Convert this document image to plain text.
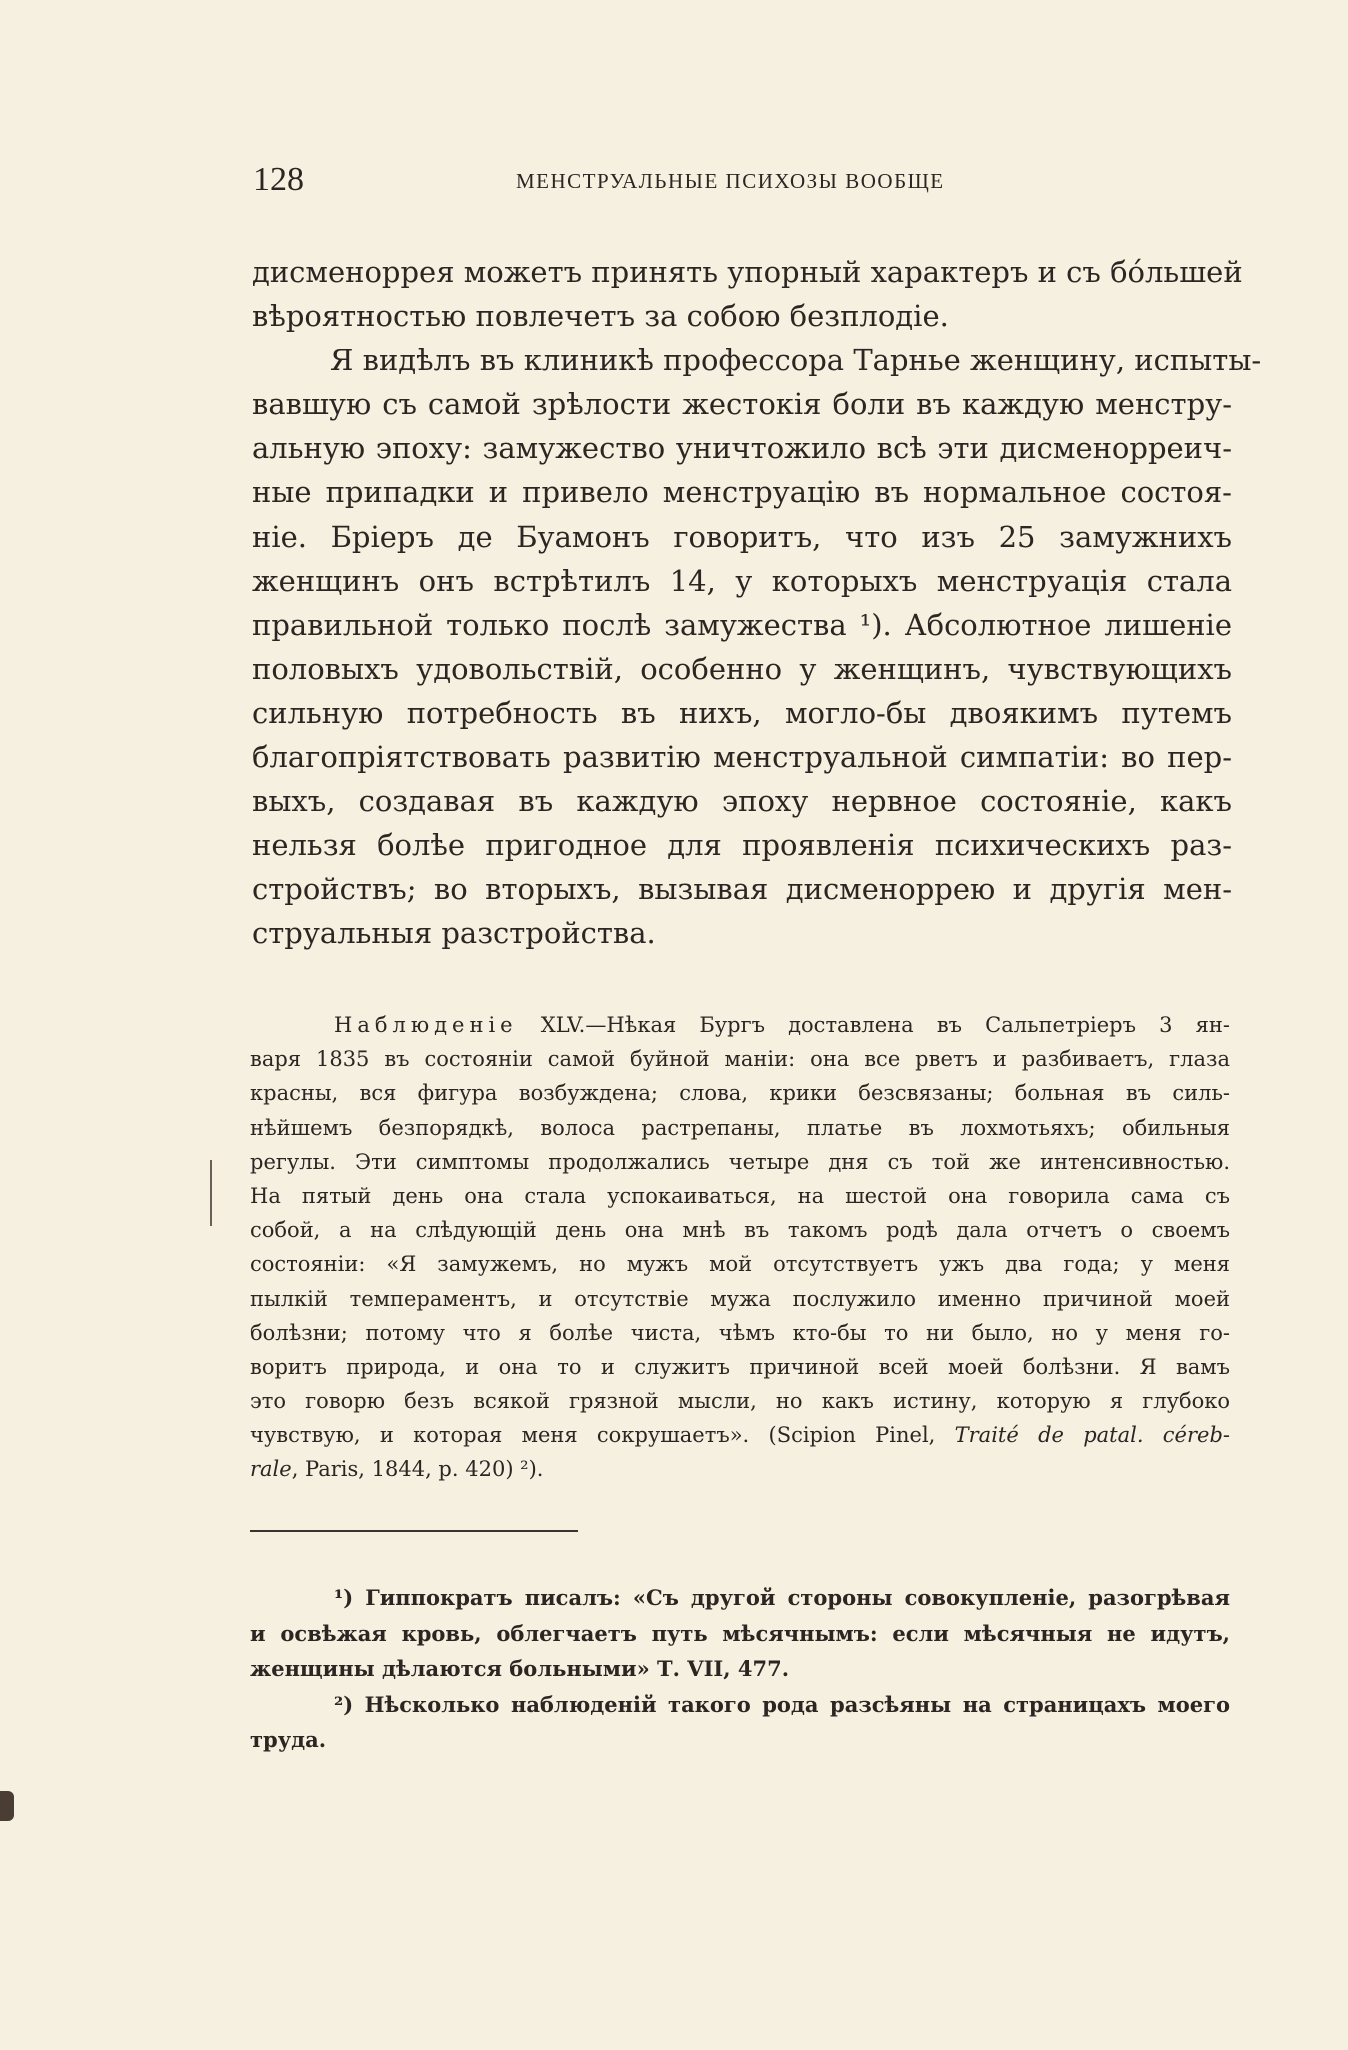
128	МЕНСТРУАЛЬНЫЕ ПСИХОЗЫ ВООБЩЕ
дисменоррея можетъ принять упорный характеръ и съ бóльшей
вѣроятностью повлечетъ за собою безплодіе.
Я видѣлъ въ клиникѣ профессора Тарнье женщину, испыты-
вавшую съ самой зрѣлости жестокія боли въ каждую менстру-
альную эпоху: замужество уничтожило всѣ эти дисменорреич-
ные припадки и привело менструацію въ нормальное состоя-
ніе. Бріеръ де Буамонъ говоритъ, что изъ 25 замужнихъ
женщинъ онъ встрѣтилъ 14, у которыхъ менструація стала
правильной только послѣ замужества ¹). Абсолютное лишеніе
половыхъ удовольствій, особенно у женщинъ, чувствующихъ
сильную потребность въ нихъ, могло-бы двоякимъ путемъ
благопріятствовать развитію менструальной симпатіи: во пер-
выхъ, создавая въ каждую эпоху нервное состояніе, какъ
нельзя болѣе пригодное для проявленія психическихъ раз-
стройствъ; во вторыхъ, вызывая дисменоррею и другія мен-
струальныя разстройства.
Наблюденіе XLV.—Нѣкая Бургъ доставлена въ Сальпетріеръ 3 ян-
варя 1835 въ состояніи самой буйной маніи: она все рветъ и разбиваетъ, глаза
красны, вся фигура возбуждена; слова, крики безсвязаны; больная въ силь-
нѣйшемъ безпорядкѣ, волоса растрепаны, платье въ лохмотьяхъ; обильныя
регулы. Эти симптомы продолжались четыре дня съ той же интенсивностью.
На пятый день она стала успокаиваться, на шестой она говорила сама съ
собой, а на слѣдующій день она мнѣ въ такомъ родѣ дала отчетъ о своемъ
состояніи: «Я замужемъ, но мужъ мой отсутствуетъ ужъ два года; у меня
пылкій темпераментъ, и отсутствіе мужа послужило именно причиной моей
болѣзни; потому что я болѣе чиста, чѣмъ кто-бы то ни было, но у меня го-
воритъ природа, и она то и служитъ причиной всей моей болѣзни. Я вамъ
это говорю безъ всякой грязной мысли, но какъ истину, которую я глубоко
чувствую, и которая меня сокрушаетъ». (Scipion Pinel, Traité de patal. céreb-
rale, Paris, 1844, p. 420) ²).
¹) Гиппократъ писалъ: «Съ другой стороны совокупленіе, разогрѣвая
и освѣжая кровь, облегчаетъ путь мѣсячнымъ: если мѣсячныя не идутъ,
женщины дѣлаются больными» Т. VII, 477.
²) Нѣсколько наблюденій такого рода разсѣяны на страницахъ моего
труда.
